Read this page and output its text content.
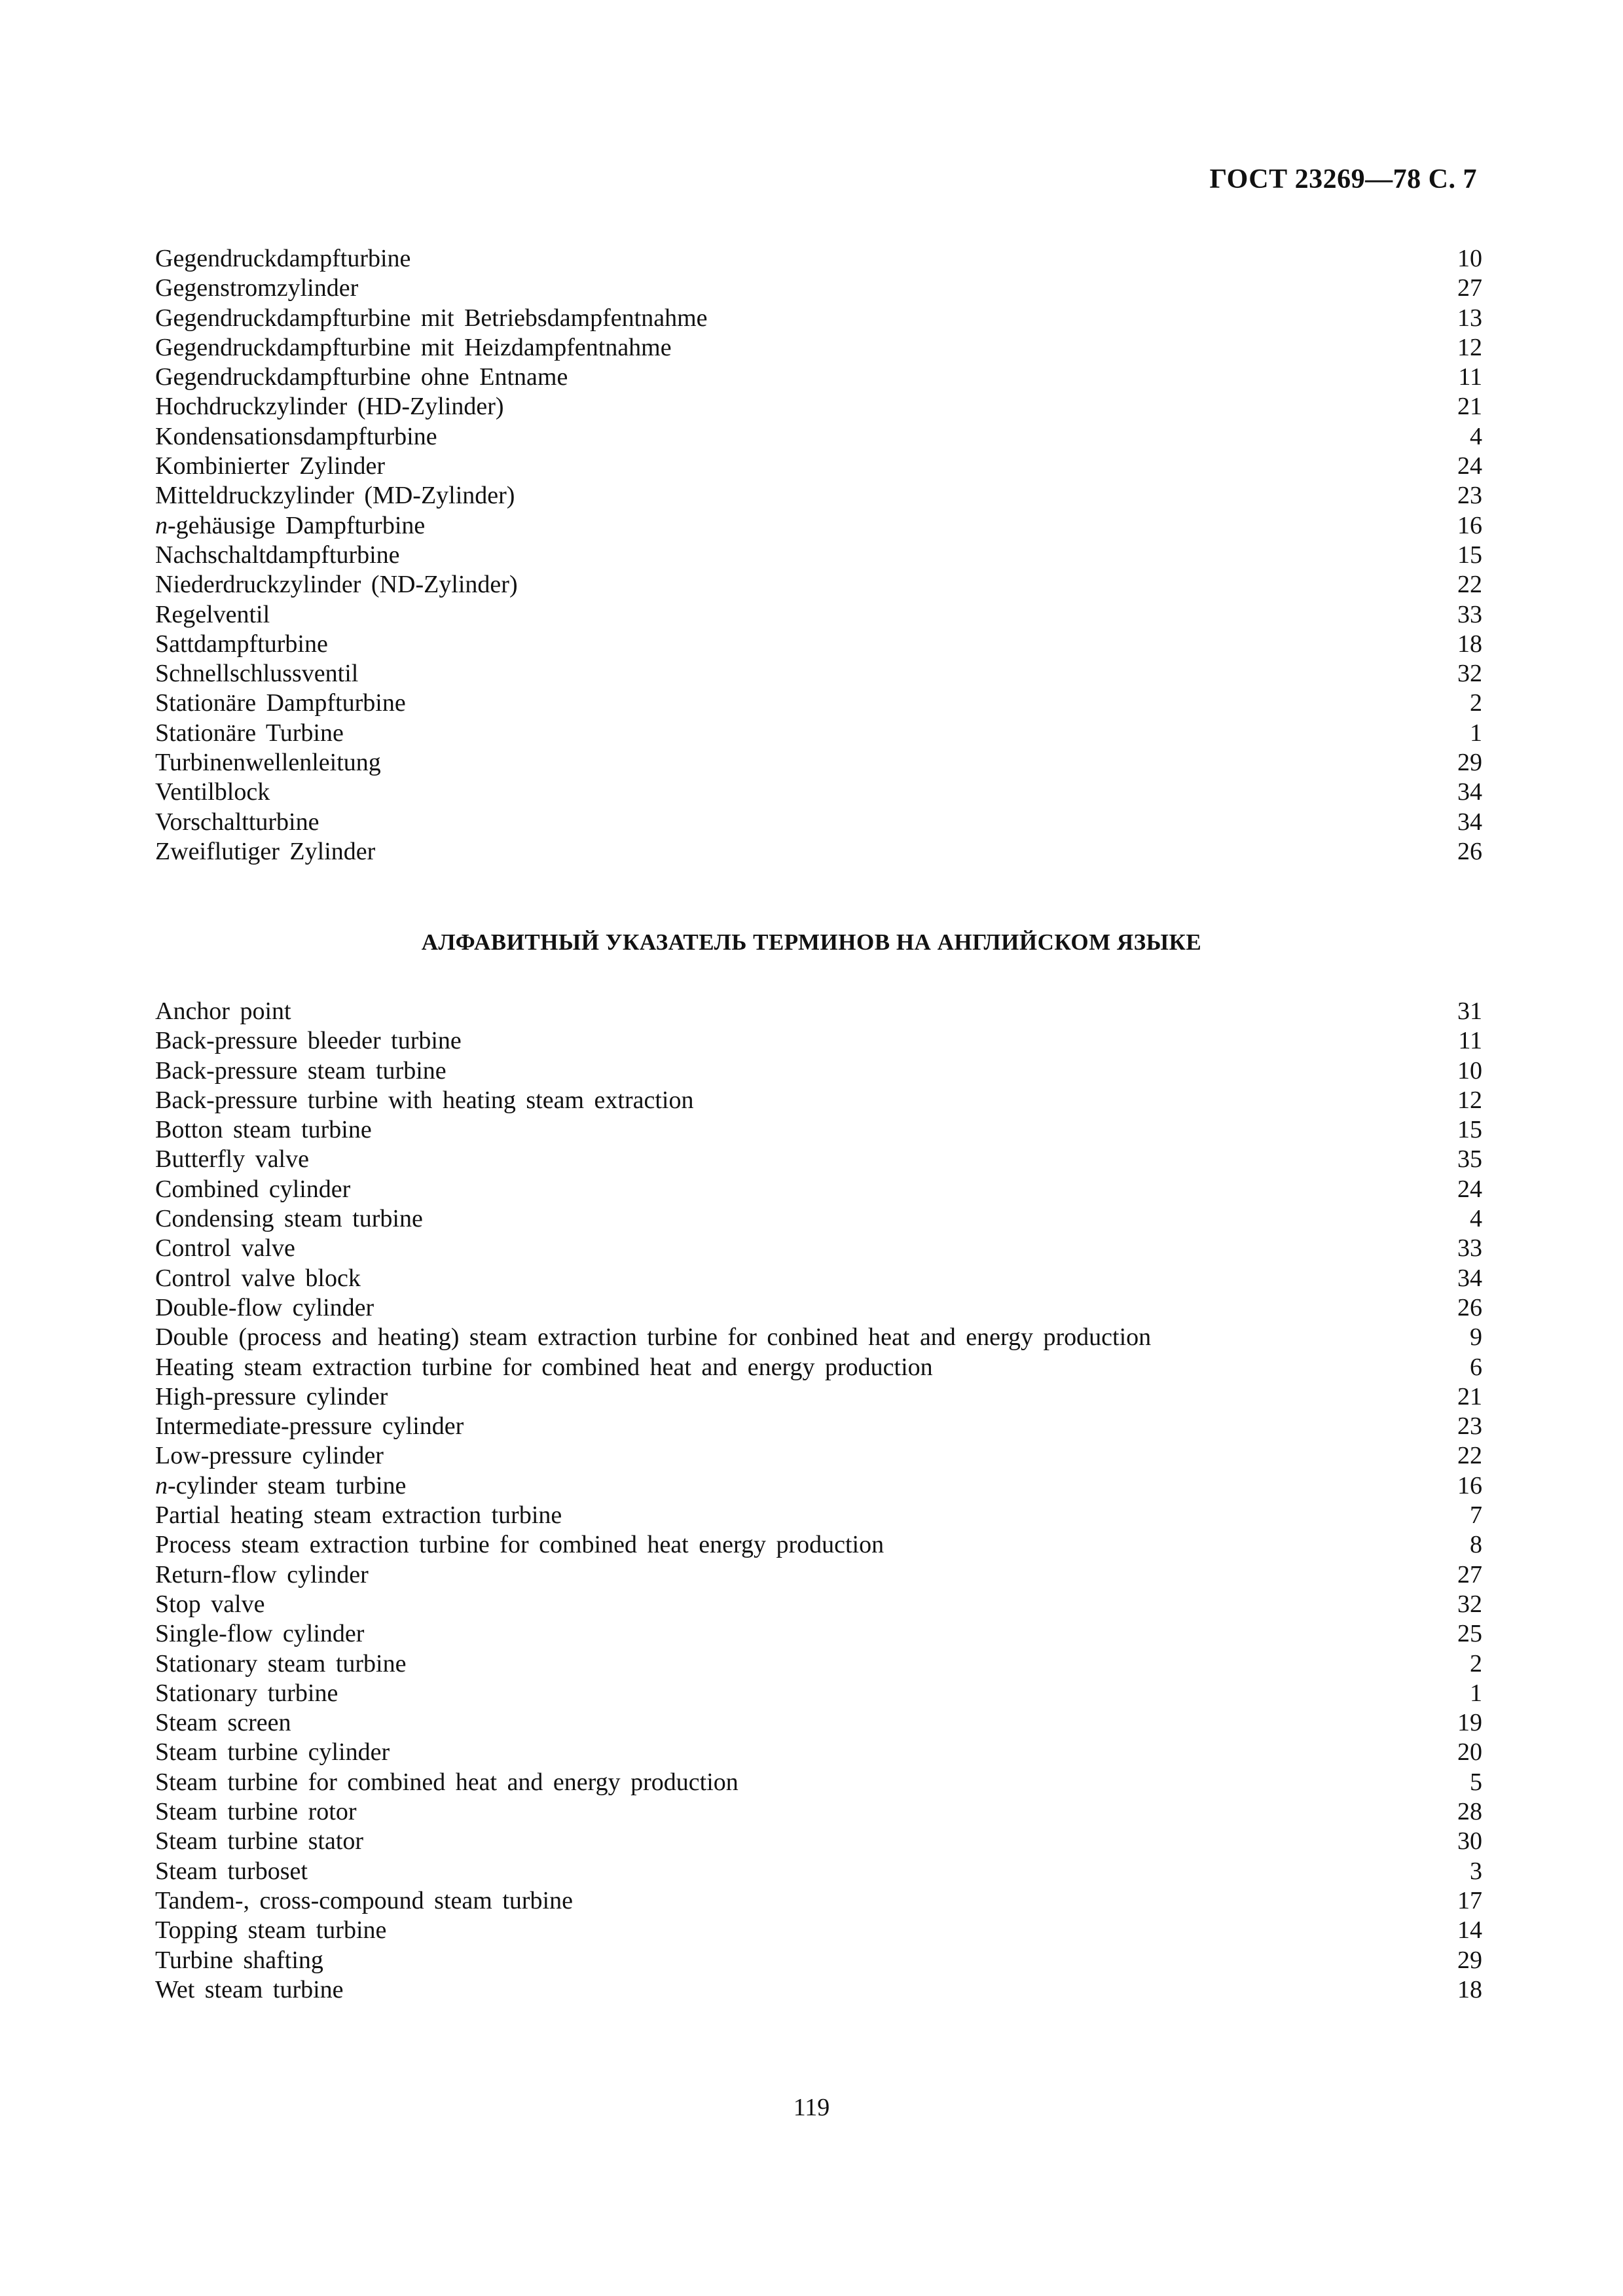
ГОСТ 23269—78 С. 7
Gegendruckdampfturbine	10
Gegenstromzylinder	27
Gegendruckdampfturbine mit Betriebsdampfentnahme	13
Gegendruckdampfturbine mit Heizdampfentnahme	12
Gegendruckdampfturbine ohne Entname	11
Hochdruckzylinder (HD-Zylinder)	21
Kondensationsdampfturbine	4
Kombinierter Zylinder	24
Mitteldruckzylinder (MD-Zylinder)	23
n-gehäusige Dampfturbine	16
Nachschaltdampfturbine	15
Niederdruckzylinder (ND-Zylinder)	22
Regelventil	33
Sattdampfturbine	18
Schnellschlussventil	32
Stationäre Dampfturbine	2
Stationäre Turbine	1
Turbinenwellenleitung	29
Ventilblock	34
Vorschaltturbine	34
Zweiflutiger Zylinder	26
АЛФАВИТНЫЙ УКАЗАТЕЛЬ ТЕРМИНОВ НА АНГЛИЙСКОМ ЯЗЫКЕ
Anchor point	31
Back-pressure bleeder turbine	11
Back-pressure steam turbine	10
Back-pressure turbine with heating steam extraction	12
Botton steam turbine	15
Butterfly valve	35
Combined cylinder	24
Condensing steam turbine	4
Control valve	33
Control valve block	34
Double-flow cylinder	26
Double (process and heating) steam extraction turbine for conbined heat and energy production	9
Heating steam extraction turbine for combined heat and energy production	6
High-pressure cylinder	21
Intermediate-pressure cylinder	23
Low-pressure cylinder	22
n-cylinder steam turbine	16
Partial heating steam extraction turbine	7
Process steam extraction turbine for combined heat energy production	8
Return-flow cylinder	27
Stop valve	32
Single-flow cylinder	25
Stationary steam turbine	2
Stationary turbine	1
Steam screen	19
Steam turbine cylinder	20
Steam turbine for combined heat and energy production	5
Steam turbine rotor	28
Steam turbine stator	30
Steam turboset	3
Tandem-, cross-compound steam turbine	17
Topping steam turbine	14
Turbine shafting	29
Wet steam turbine	18
119
